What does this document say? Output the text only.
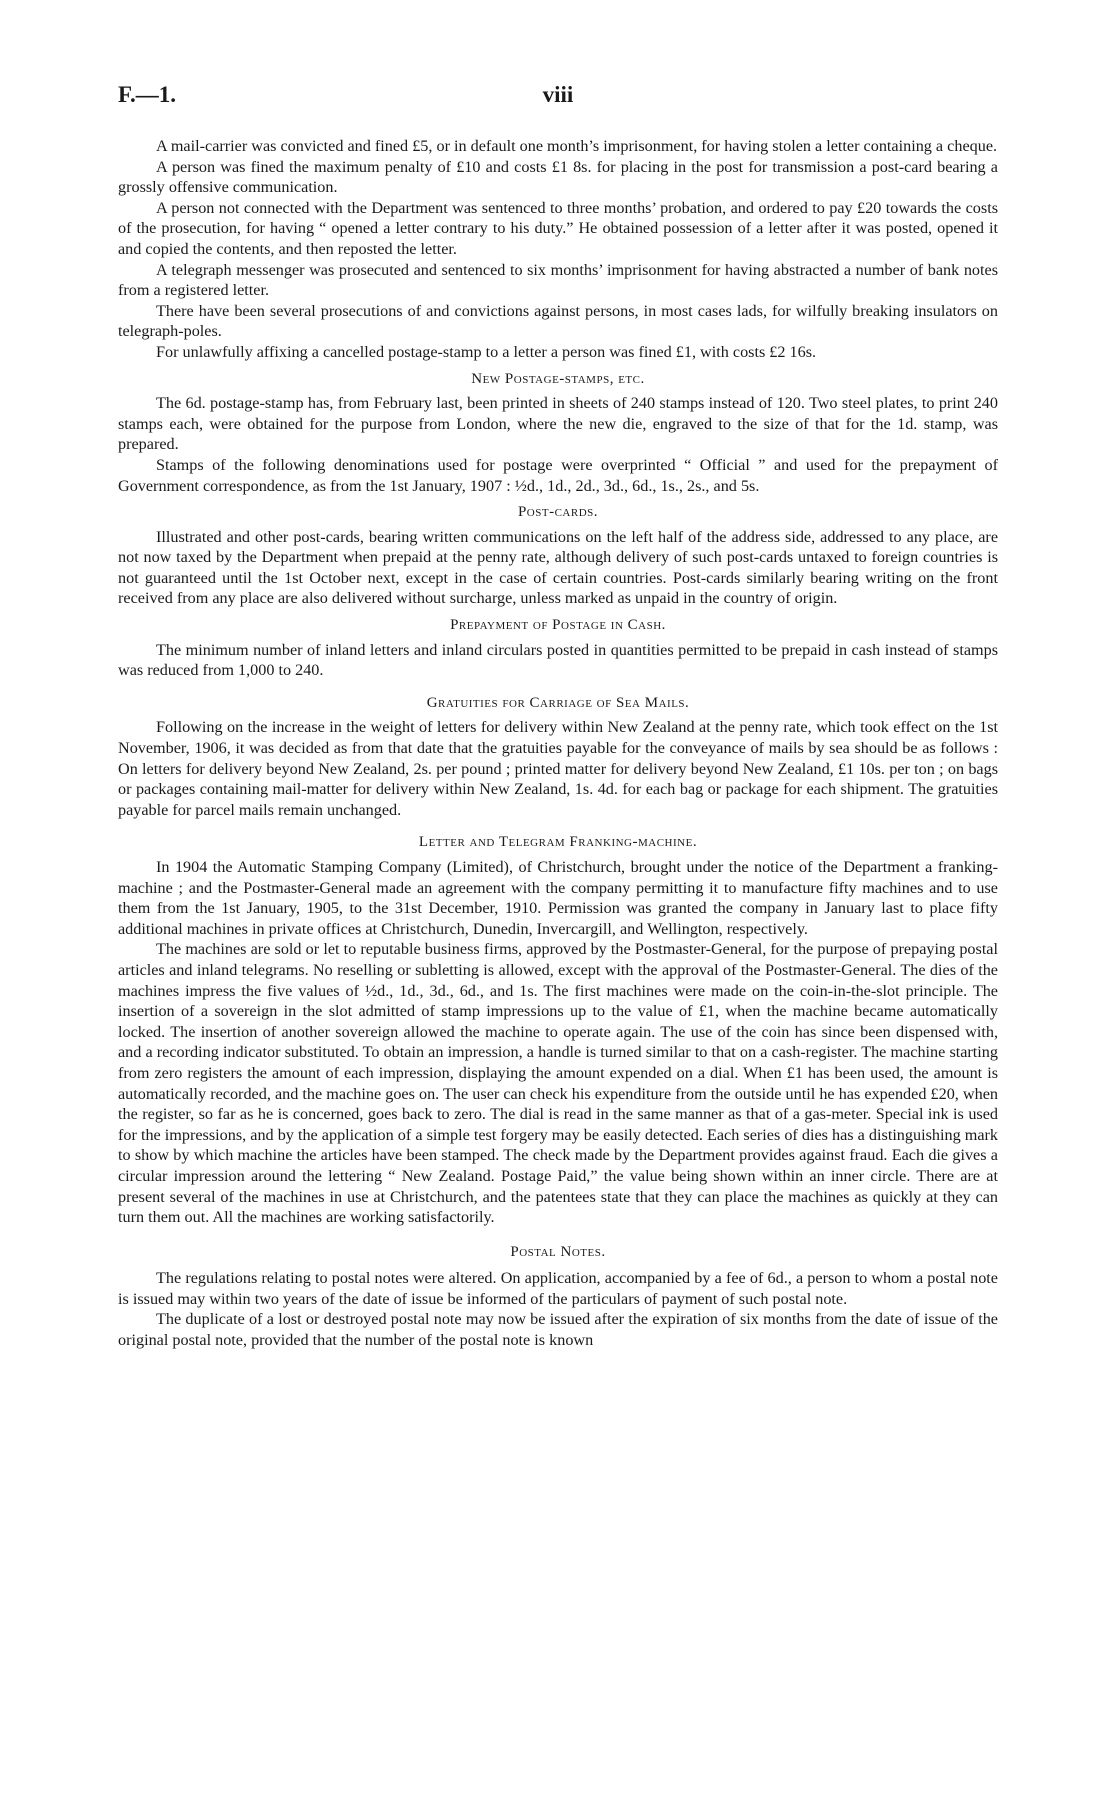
F.—1.	viii

A mail-carrier was convicted and fined £5, or in default one month’s imprisonment, for having stolen a letter containing a cheque.

A person was fined the maximum penalty of £10 and costs £1 8s. for placing in the post for transmission a post-card bearing a grossly offensive communication.

A person not connected with the Department was sentenced to three months’ probation, and ordered to pay £20 towards the costs of the prosecution, for having “ opened a letter contrary to his duty.” He obtained possession of a letter after it was posted, opened it and copied the contents, and then reposted the letter.

A telegraph messenger was prosecuted and sentenced to six months’ imprisonment for having abstracted a number of bank notes from a registered letter.

There have been several prosecutions of and convictions against persons, in most cases lads, for wilfully breaking insulators on telegraph-poles.

For unlawfully affixing a cancelled postage-stamp to a letter a person was fined £1, with costs £2 16s.

New Postage-stamps, etc.

The 6d. postage-stamp has, from February last, been printed in sheets of 240 stamps instead of 120. Two steel plates, to print 240 stamps each, were obtained for the purpose from London, where the new die, engraved to the size of that for the 1d. stamp, was prepared.

Stamps of the following denominations used for postage were overprinted “ Official ” and used for the prepayment of Government correspondence, as from the 1st January, 1907 : ½d., 1d., 2d., 3d., 6d., 1s., 2s., and 5s.

Post-cards.

Illustrated and other post-cards, bearing written communications on the left half of the address side, addressed to any place, are not now taxed by the Department when prepaid at the penny rate, although delivery of such post-cards untaxed to foreign countries is not guaranteed until the 1st October next, except in the case of certain countries. Post-cards similarly bearing writing on the front received from any place are also delivered without surcharge, unless marked as unpaid in the country of origin.

Prepayment of Postage in Cash.

The minimum number of inland letters and inland circulars posted in quantities permitted to be prepaid in cash instead of stamps was reduced from 1,000 to 240.

Gratuities for Carriage of Sea Mails.

Following on the increase in the weight of letters for delivery within New Zealand at the penny rate, which took effect on the 1st November, 1906, it was decided as from that date that the gratuities payable for the conveyance of mails by sea should be as follows : On letters for delivery beyond New Zealand, 2s. per pound ; printed matter for delivery beyond New Zealand, £1 10s. per ton ; on bags or packages containing mail-matter for delivery within New Zealand, 1s. 4d. for each bag or package for each shipment. The gratuities payable for parcel mails remain unchanged.

Letter and Telegram Franking-machine.

In 1904 the Automatic Stamping Company (Limited), of Christchurch, brought under the notice of the Department a franking-machine ; and the Postmaster-General made an agreement with the company permitting it to manufacture fifty machines and to use them from the 1st January, 1905, to the 31st December, 1910. Permission was granted the company in January last to place fifty additional machines in private offices at Christchurch, Dunedin, Invercargill, and Wellington, respectively.

The machines are sold or let to reputable business firms, approved by the Postmaster-General, for the purpose of prepaying postal articles and inland telegrams. No reselling or subletting is allowed, except with the approval of the Postmaster-General. The dies of the machines impress the five values of ½d., 1d., 3d., 6d., and 1s. The first machines were made on the coin-in-the-slot principle. The insertion of a sovereign in the slot admitted of stamp impressions up to the value of £1, when the machine became automatically locked. The insertion of another sovereign allowed the machine to operate again. The use of the coin has since been dispensed with, and a recording indicator substituted. To obtain an impression, a handle is turned similar to that on a cash-register. The machine starting from zero registers the amount of each impression, displaying the amount expended on a dial. When £1 has been used, the amount is automatically recorded, and the machine goes on. The user can check his expenditure from the outside until he has expended £20, when the register, so far as he is concerned, goes back to zero. The dial is read in the same manner as that of a gas-meter. Special ink is used for the impressions, and by the application of a simple test forgery may be easily detected. Each series of dies has a distinguishing mark to show by which machine the articles have been stamped. The check made by the Department provides against fraud. Each die gives a circular impression around the lettering “ New Zealand. Postage Paid,” the value being shown within an inner circle. There are at present several of the machines in use at Christchurch, and the patentees state that they can place the machines as quickly at they can turn them out. All the machines are working satisfactorily.

Postal Notes.

The regulations relating to postal notes were altered. On application, accompanied by a fee of 6d., a person to whom a postal note is issued may within two years of the date of issue be informed of the particulars of payment of such postal note.

The duplicate of a lost or destroyed postal note may now be issued after the expiration of six months from the date of issue of the original postal note, provided that the number of the postal note is known
